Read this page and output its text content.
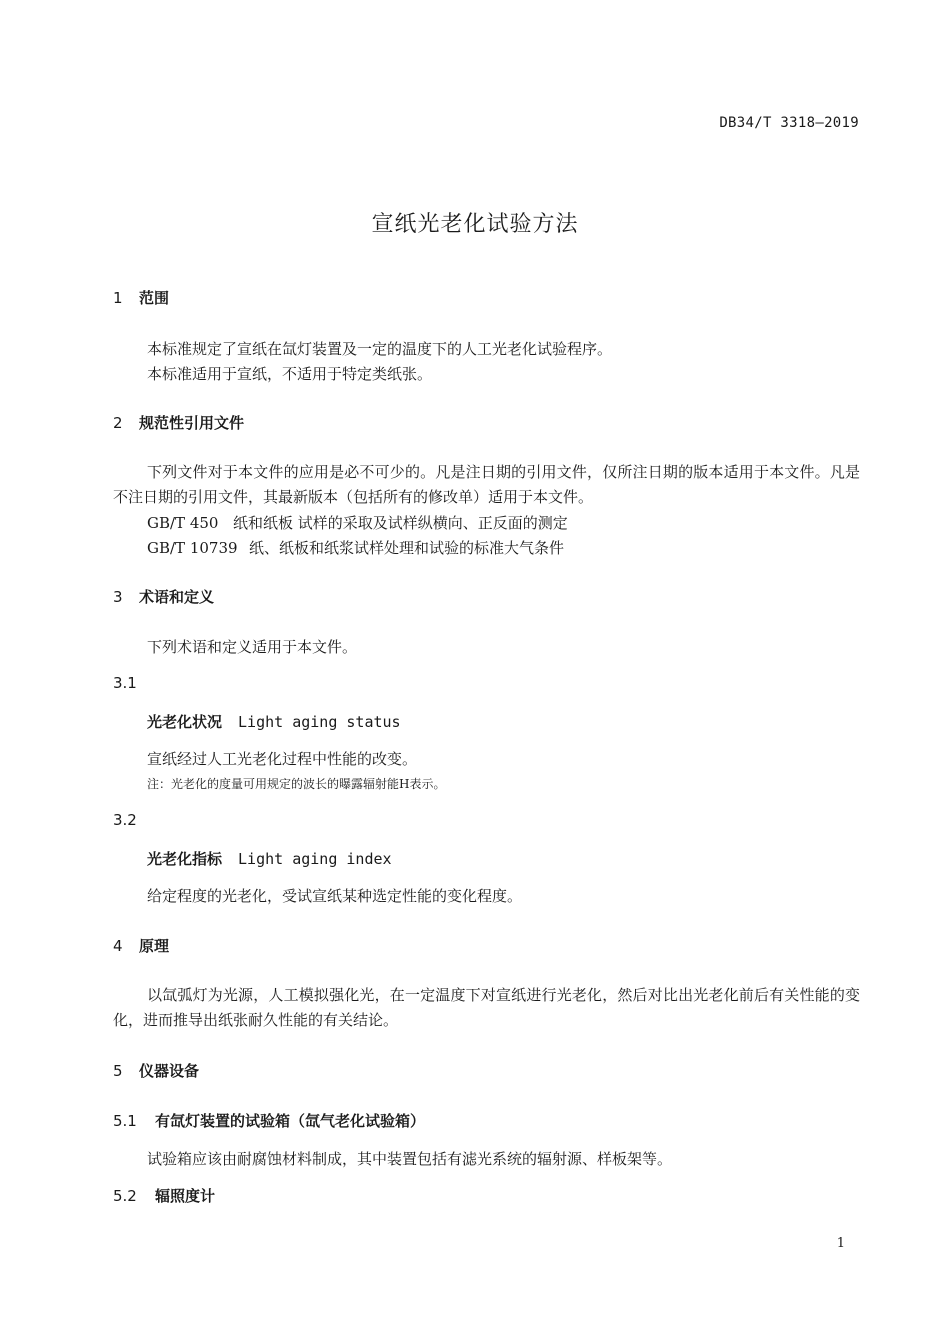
DB34/T 3318—2019
宣纸光老化试验方法
1 范围
本标准规定了宣纸在氙灯装置及一定的温度下的人工光老化试验程序。
本标准适用于宣纸，不适用于特定类纸张。
2 规范性引用文件
下列文件对于本文件的应用是必不可少的。凡是注日期的引用文件，仅所注日期的版本适用于本文件。凡是不注日期的引用文件，其最新版本（包括所有的修改单）适用于本文件。
GB/T 450 纸和纸板 试样的采取及试样纵横向、正反面的测定
GB/T 10739 纸、纸板和纸浆试样处理和试验的标准大气条件
3 术语和定义
下列术语和定义适用于本文件。
3.1
光老化状况 Light aging status
宣纸经过人工光老化过程中性能的改变。
注：光老化的度量可用规定的波长的曝露辐射能H表示。
3.2
光老化指标 Light aging index
给定程度的光老化，受试宣纸某种选定性能的变化程度。
4 原理
以氙弧灯为光源，人工模拟强化光，在一定温度下对宣纸进行光老化，然后对比出光老化前后有关性能的变化，进而推导出纸张耐久性能的有关结论。
5 仪器设备
5.1 有氙灯装置的试验箱（氙气老化试验箱）
试验箱应该由耐腐蚀材料制成，其中装置包括有滤光系统的辐射源、样板架等。
5.2 辐照度计
1
